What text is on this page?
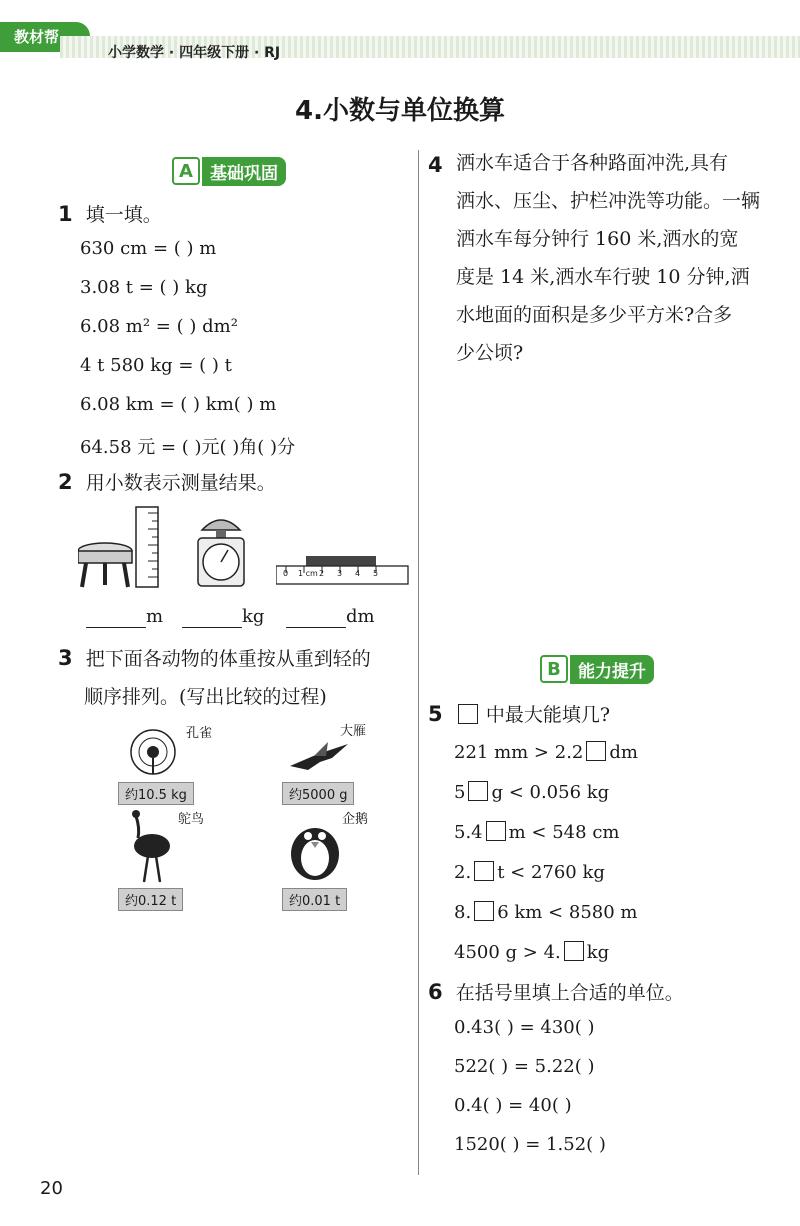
教材帮
小学数学 · 四年级下册 · RJ
4.小数与单位换算
A	基础巩固
1 填一填。
630 cm = ( ) m
3.08 t = ( ) kg
6.08 m² = ( ) dm²
4 t 580 kg = ( ) t
6.08 km = ( ) km( ) m
64.58 元 = ( )元( )角( )分
2 用小数表示测量结果。
0 1 cm 2 3 4 5
m	kg	dm
3 把下面各动物的体重按从重到轻的
顺序排列。(写出比较的过程)
孔雀
约10.5 kg
大雁
约5000 g
鸵鸟
约0.12 t
企鹅
约0.01 t
4 洒水车适合于各种路面冲洗,具有
洒水、压尘、护栏冲洗等功能。一辆
洒水车每分钟行 160 米,洒水的宽
度是 14 米,洒水车行驶 10 分钟,洒
水地面的面积是多少平方米?合多
少公顷?
B	能力提升
5 中最大能填几?
221 mm > 2.2 dm
5 g < 0.056 kg
5.4 m < 548 cm
2. t < 2760 kg
8. 6 km < 8580 m
4500 g > 4. kg
6 在括号里填上合适的单位。
0.43( ) = 430( )
522( ) = 5.22( )
0.4( ) = 40( )
1520( ) = 1.52( )
20
